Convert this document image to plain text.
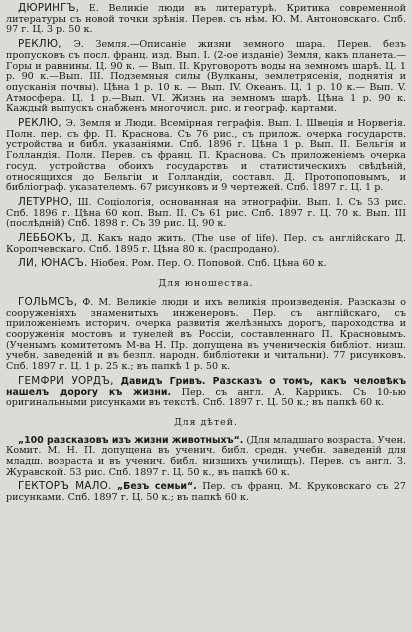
ДЮРИНГЪ, Е. Великіе люди въ литературѣ. Критика современной литературы съ новой точки зрѣнія. Перев. съ нѣм. Ю. М. Антоновскаго. Спб. 97 г. Ц. 3 р. 50 к.

РЕКЛЮ, Э. Земля.—Описаніе жизни земного шара. Перев. безъ пропусковъ съ посл. франц. изд. Вып. I. (2-ое изданіе) Земля, какъ планета.—Горы и равнины. Ц. 90 к. — Вып. II. Круговоротъ воды на земномъ шарѣ. Ц. 1 р. 90 к.—Вып. III. Подземныя силы (Вулканы, землетрясенія, поднятія и опусканія почвы). Цѣна 1 р. 10 к. — Вып. IV. Океанъ. Ц. 1 р. 10 к.— Вып. V. Атмосфера. Ц. 1 р.—Вып. VI. Жизнь на земномъ шарѣ. Цѣна 1 р. 90 к. Каждый выпускъ снабженъ многочисл. рис. и географ. картами.

РЕКЛЮ, Э. Земля и Люди. Всемірная геграфія. Вып. I. Швеція и Норвегія. Полн. пер. съ фр. П. Краснова. Съ 76 рис., съ прилож. очерка государств. устройства и библ. указаніями. Спб. 1896 г. Цѣна 1 р. Вып. II. Бельгія и Голландія. Полн. Перев. съ франц. П. Краснова. Съ приложеніемъ очерка госуд. устройства обоихъ государствъ и статистическихъ свѣдѣній, относящихся до Бельгіи и Голландіи, составл. Д. Протопоповымъ, и библіограф. указателемъ. 67 рисунковъ и 9 чертежей. Спб. 1897 г. Ц. 1 р.

ЛЕТУРНО, Ш. Соціологія, основанная на этнографіи. Вып. I. Съ 53 рис. Спб. 1896 г. Цѣна 60 коп. Вып. II. Съ 61 рис. Спб. 1897 г. Ц. 70 к. Вып. III (послѣдній) Спб. 1898 г. Съ 39 рис. Ц. 90 к.

ЛЕББОКЪ, Д. Какъ надо жить. (The use of life). Пер. съ англійскаго Д. Коропчевскаго. Спб. 1895 г. Цѣна 80 к. (распродано).

ЛИ, ЮНАСЪ. Ніобея. Ром. Пер. О. Поповой. Спб. Цѣна 60 к.

Для юношества.

ГОЛЬМСЪ, Ф. М. Великіе люди и ихъ великія произведенія. Разсказы о сооруженіяхъ знаменитыхъ инженеровъ. Пер. съ англійскаго, съ приложеніемъ историч. очерка развитія желѣзныхъ дорогъ, пароходства и сооруженія мостовъ и тунелей въ Россіи, составленнаго П. Красновымъ. (Ученымъ комитетомъ М-ва Н. Пр. допущена въ ученическія библіот. низш. учебн. заведеній и въ безпл. народн. библіотеки и читальни). 77 рисунковъ. Спб. 1897 г. Ц. 1 р. 25 к.; въ папкѣ 1 р. 50 к.

ГЕМФРИ УОРДЪ, Давидъ Гривъ. Разсказъ о томъ, какъ человѣкъ нашелъ дорогу къ жизни. Пер. съ англ. А. Каррикъ. Съ 10-ью оригинальными рисунками въ текстѣ. Спб. 1897 г. Ц. 50 к.; въ папкѣ 60 к.

Для дѣтей.

„100 разсказовъ изъ жизни животныхъ“. (Для младшаго возраста. Учен. Комит. М. Н. П. допущена въ ученич. библ. средн. учебн. заведеній для младш. возраста и въ ученич. библ. низшихъ училищъ). Перев. съ англ. З. Журавской. 53 рис. Спб. 1897 г. Ц. 50 к., въ папкѣ 60 к.

ГЕКТОРЪ МАЛО. „Безъ семьи“. Пер. съ франц. М. Круковскаго съ 27 рисунками. Спб. 1897 г. Ц. 50 к.; въ папкѣ 60 к.
